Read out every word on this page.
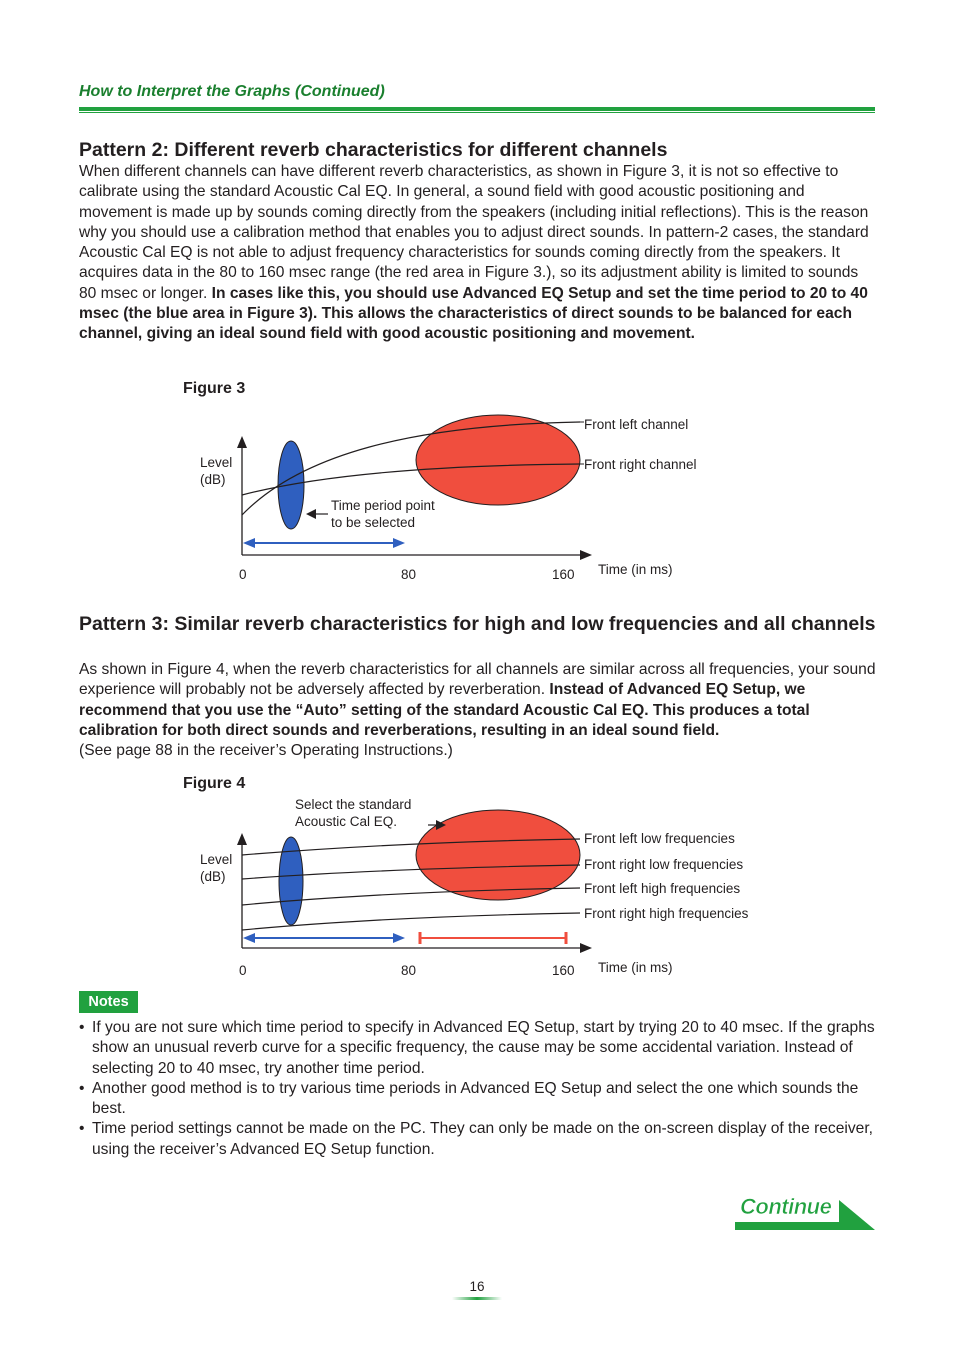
How to Interpret the Graphs (Continued)
Pattern 2: Different reverb characteristics for different channels
When different channels can have different reverb characteristics, as shown in Figure 3, it is not so effective to calibrate using the standard Acoustic Cal EQ. In general, a sound field with good acoustic positioning and movement is made up by sounds coming directly from the speakers (including initial reflections). This is the reason why you should use a calibration method that enables you to adjust direct sounds. In pattern-2 cases, the standard Acoustic Cal EQ is not able to adjust frequency characteristics for sounds coming directly from the speakers. It acquires data in the 80 to 160 msec range (the red area in Figure 3.), so its adjustment ability is limited to sounds 80 msec or longer. In cases like this, you should use Advanced EQ Setup and set the time period to 20 to 40 msec (the blue area in Figure 3). This allows the characteristics of direct sounds to be balanced for each channel, giving an ideal sound field with good acoustic positioning and movement.
Figure 3
Level
(dB)
Time period point
to be selected
Front left channel
Front right channel
0	80	160 Time (in ms)
Pattern 3: Similar reverb characteristics for high and low frequencies and all channels
As shown in Figure 4, when the reverb characteristics for all channels are similar across all frequencies, your sound experience will probably not be adversely affected by reverberation. Instead of Advanced EQ Setup, we recommend that you use the “Auto” setting of the standard Acoustic Cal EQ. This produces a total calibration for both direct sounds and reverberations, resulting in an ideal sound field.
(See page 88 in the receiver’s Operating Instructions.)
Figure 4
Select the standard
Acoustic Cal EQ.
Level
(dB)
Front left low frequencies
Front right low frequencies
Front left high frequencies
Front right high frequencies
0	80	160 Time (in ms)
Notes
• If you are not sure which time period to specify in Advanced EQ Setup, start by trying 20 to 40 msec. If the graphs show an unusual reverb curve for a specific frequency, the cause may be some accidental variation. Instead of selecting 20 to 40 msec, try another time period.
• Another good method is to try various time periods in Advanced EQ Setup and select the one which sounds the best.
• Time period settings cannot be made on the PC. They can only be made on the on-screen display of the receiver, using the receiver’s Advanced EQ Setup function.
Continue
16
